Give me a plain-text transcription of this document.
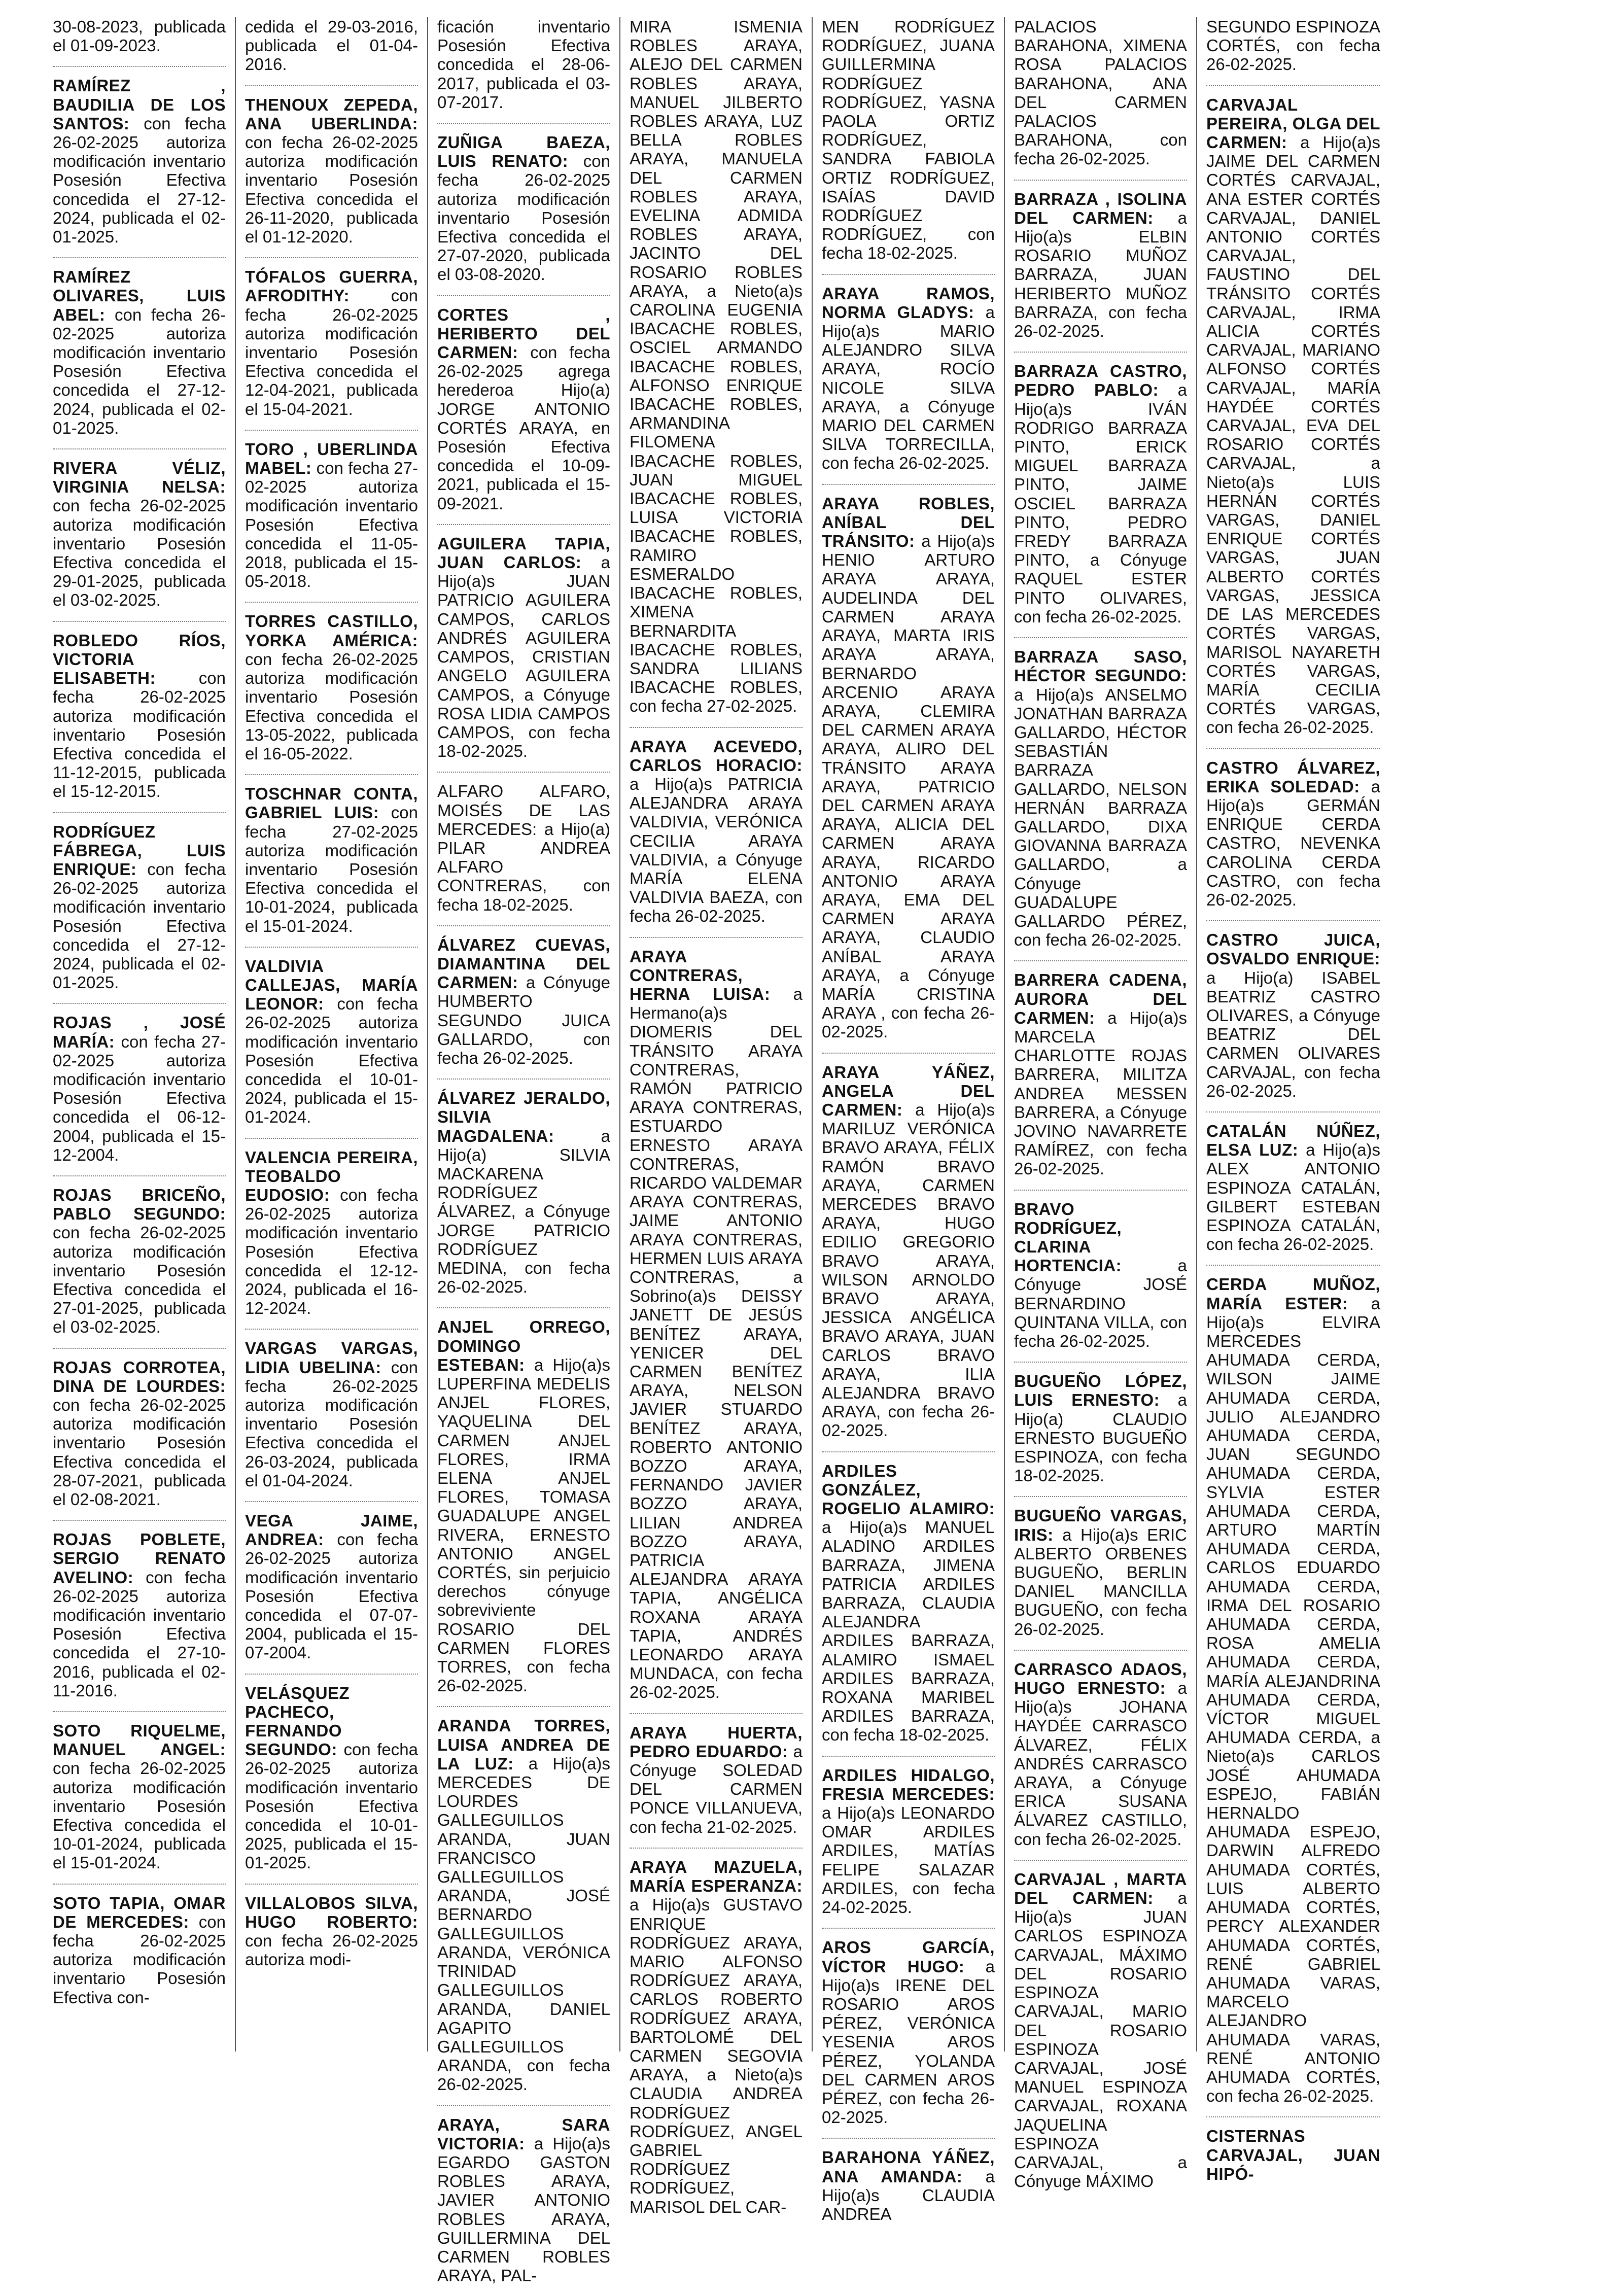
30-08-2023, publicada el 01-09-2023.
RAMÍREZ , BAUDILIA DE LOS SANTOS: con fecha 26-02-2025 autoriza modificación inventario Posesión Efectiva concedida el 27-12-2024, publicada el 02-01-2025.
RAMÍREZ OLIVARES, LUIS ABEL: con fecha 26-02-2025 autoriza modificación inventario Posesión Efectiva concedida el 27-12-2024, publicada el 02-01-2025.
RIVERA VÉLIZ, VIRGINIA NELSA: con fecha 26-02-2025 autoriza modificación inventario Posesión Efectiva concedida el 29-01-2025, publicada el 03-02-2025.
ROBLEDO RÍOS, VICTORIA ELISABETH: con fecha 26-02-2025 autoriza modificación inventario Posesión Efectiva concedida el 11-12-2015, publicada el 15-12-2015.
RODRÍGUEZ FÁBREGA, LUIS ENRIQUE: con fecha 26-02-2025 autoriza modificación inventario Posesión Efectiva concedida el 27-12-2024, publicada el 02-01-2025.
ROJAS , JOSÉ MARÍA: con fecha 27-02-2025 autoriza modificación inventario Posesión Efectiva concedida el 06-12-2004, publicada el 15-12-2004.
ROJAS BRICEÑO, PABLO SEGUNDO: con fecha 26-02-2025 autoriza modificación inventario Posesión Efectiva concedida el 27-01-2025, publicada el 03-02-2025.
ROJAS CORROTEA, DINA DE LOURDES: con fecha 26-02-2025 autoriza modificación inventario Posesión Efectiva concedida el 28-07-2021, publicada el 02-08-2021.
ROJAS POBLETE, SERGIO RENATO AVELINO: con fecha 26-02-2025 autoriza modificación inventario Posesión Efectiva concedida el 27-10-2016, publicada el 02-11-2016.
SOTO RIQUELME, MANUEL ANGEL: con fecha 26-02-2025 autoriza modificación inventario Posesión Efectiva concedida el 10-01-2024, publicada el 15-01-2024.
SOTO TAPIA, OMAR DE MERCEDES: con fecha 26-02-2025 autoriza modificación inventario Posesión Efectiva con-
cedida el 29-03-2016, publicada el 01-04-2016.
THENOUX ZEPEDA, ANA UBERLINDA: con fecha 26-02-2025 autoriza modificación inventario Posesión Efectiva concedida el 26-11-2020, publicada el 01-12-2020.
TÓFALOS GUERRA, AFRODITHY: con fecha 26-02-2025 autoriza modificación inventario Posesión Efectiva concedida el 12-04-2021, publicada el 15-04-2021.
TORO , UBERLINDA MABEL: con fecha 27-02-2025 autoriza modificación inventario Posesión Efectiva concedida el 11-05-2018, publicada el 15-05-2018.
TORRES CASTILLO, YORKA AMÉRICA: con fecha 26-02-2025 autoriza modificación inventario Posesión Efectiva concedida el 13-05-2022, publicada el 16-05-2022.
TOSCHNAR CONTA, GABRIEL LUIS: con fecha 27-02-2025 autoriza modificación inventario Posesión Efectiva concedida el 10-01-2024, publicada el 15-01-2024.
VALDIVIA CALLEJAS, MARÍA LEONOR: con fecha 26-02-2025 autoriza modificación inventario Posesión Efectiva concedida el 10-01-2024, publicada el 15-01-2024.
VALENCIA PEREIRA, TEOBALDO EUDOSIO: con fecha 26-02-2025 autoriza modificación inventario Posesión Efectiva concedida el 12-12-2024, publicada el 16-12-2024.
VARGAS VARGAS, LIDIA UBELINA: con fecha 26-02-2025 autoriza modificación inventario Posesión Efectiva concedida el 26-03-2024, publicada el 01-04-2024.
VEGA JAIME, ANDREA: con fecha 26-02-2025 autoriza modificación inventario Posesión Efectiva concedida el 07-07-2004, publicada el 15-07-2004.
VELÁSQUEZ PACHECO, FERNANDO SEGUNDO: con fecha 26-02-2025 autoriza modificación inventario Posesión Efectiva concedida el 10-01-2025, publicada el 15-01-2025.
VILLALOBOS SILVA, HUGO ROBERTO: con fecha 26-02-2025 autoriza modi-
ficación inventario Posesión Efectiva concedida el 28-06-2017, publicada el 03-07-2017.
ZUÑIGA BAEZA, LUIS RENATO: con fecha 26-02-2025 autoriza modificación inventario Posesión Efectiva concedida el 27-07-2020, publicada el 03-08-2020.
CORTES , HERIBERTO DEL CARMEN: con fecha 26-02-2025 agrega herederoa Hijo(a) JORGE ANTONIO CORTÉS ARAYA, en Posesión Efectiva concedida el 10-09-2021, publicada el 15-09-2021.
AGUILERA TAPIA, JUAN CARLOS: a Hijo(a)s JUAN PATRICIO AGUILERA CAMPOS, CARLOS ANDRÉS AGUILERA CAMPOS, CRISTIAN ANGELO AGUILERA CAMPOS, a Cónyuge ROSA LIDIA CAMPOS CAMPOS, con fecha 18-02-2025.
ALFARO ALFARO, MOISÉS DE LAS MERCEDES: a Hijo(a) PILAR ANDREA ALFARO CONTRERAS, con fecha 18-02-2025.
ÁLVAREZ CUEVAS, DIAMANTINA DEL CARMEN: a Cónyuge HUMBERTO SEGUNDO JUICA GALLARDO, con fecha 26-02-2025.
ÁLVAREZ JERALDO, SILVIA MAGDALENA: a Hijo(a) SILVIA MACKARENA RODRÍGUEZ ÁLVAREZ, a Cónyuge JORGE PATRICIO RODRÍGUEZ MEDINA, con fecha 26-02-2025.
ANJEL ORREGO, DOMINGO ESTEBAN: a Hijo(a)s LUPERFINA MEDELIS ANJEL FLORES, YAQUELINA DEL CARMEN ANJEL FLORES, IRMA ELENA ANJEL FLORES, TOMASA GUADALUPE ANGEL RIVERA, ERNESTO ANTONIO ANGEL CORTÉS, sin perjuicio derechos cónyuge sobreviviente ROSARIO DEL CARMEN FLORES TORRES, con fecha 26-02-2025.
ARANDA TORRES, LUISA ANDREA DE LA LUZ: a Hijo(a)s MERCEDES DE LOURDES GALLEGUILLOS ARANDA, JUAN FRANCISCO GALLEGUILLOS ARANDA, JOSÉ BERNARDO GALLEGUILLOS ARANDA, VERÓNICA TRINIDAD GALLEGUILLOS ARANDA, DANIEL AGAPITO GALLEGUILLOS ARANDA, con fecha 26-02-2025.
ARAYA, SARA VICTORIA: a Hijo(a)s EGARDO GASTON ROBLES ARAYA, JAVIER ANTONIO ROBLES ARAYA, GUILLERMINA DEL CARMEN ROBLES ARAYA, PAL-
MIRA ISMENIA ROBLES ARAYA, ALEJO DEL CARMEN ROBLES ARAYA, MANUEL JILBERTO ROBLES ARAYA, LUZ BELLA ROBLES ARAYA, MANUELA DEL CARMEN ROBLES ARAYA, EVELINA ADMIDA ROBLES ARAYA, JACINTO DEL ROSARIO ROBLES ARAYA, a Nieto(a)s CAROLINA EUGENIA IBACACHE ROBLES, OSCIEL ARMANDO IBACACHE ROBLES, ALFONSO ENRIQUE IBACACHE ROBLES, ARMANDINA FILOMENA IBACACHE ROBLES, JUAN MIGUEL IBACACHE ROBLES, LUISA VICTORIA IBACACHE ROBLES, RAMIRO ESMERALDO IBACACHE ROBLES, XIMENA BERNARDITA IBACACHE ROBLES, SANDRA LILIANS IBACACHE ROBLES, con fecha 27-02-2025.
ARAYA ACEVEDO, CARLOS HORACIO: a Hijo(a)s PATRICIA ALEJANDRA ARAYA VALDIVIA, VERÓNICA CECILIA ARAYA VALDIVIA, a Cónyuge MARÍA ELENA VALDIVIA BAEZA, con fecha 26-02-2025.
ARAYA CONTRERAS, HERNA LUISA: a Hermano(a)s DIOMERIS DEL TRÁNSITO ARAYA CONTRERAS, RAMÓN PATRICIO ARAYA CONTRERAS, ESTUARDO ERNESTO ARAYA CONTRERAS, RICARDO VALDEMAR ARAYA CONTRERAS, JAIME ANTONIO ARAYA CONTRERAS, HERMEN LUIS ARAYA CONTRERAS, a Sobrino(a)s DEISSY JANETT DE JESÚS BENÍTEZ ARAYA, YENICER DEL CARMEN BENÍTEZ ARAYA, NELSON JAVIER STUARDO BENÍTEZ ARAYA, ROBERTO ANTONIO BOZZO ARAYA, FERNANDO JAVIER BOZZO ARAYA, LILIAN ANDREA BOZZO ARAYA, PATRICIA ALEJANDRA ARAYA TAPIA, ANGÉLICA ROXANA ARAYA TAPIA, ANDRÉS LEONARDO ARAYA MUNDACA, con fecha 26-02-2025.
ARAYA HUERTA, PEDRO EDUARDO: a Cónyuge SOLEDAD DEL CARMEN PONCE VILLANUEVA, con fecha 21-02-2025.
ARAYA MAZUELA, MARÍA ESPERANZA: a Hijo(a)s GUSTAVO ENRIQUE RODRÍGUEZ ARAYA, MARIO ALFONSO RODRÍGUEZ ARAYA, CARLOS ROBERTO RODRÍGUEZ ARAYA, BARTOLOMÉ DEL CARMEN SEGOVIA ARAYA, a Nieto(a)s CLAUDIA ANDREA RODRÍGUEZ RODRÍGUEZ, ANGEL GABRIEL RODRÍGUEZ RODRÍGUEZ, MARISOL DEL CAR-
MEN RODRÍGUEZ RODRÍGUEZ, JUANA GUILLERMINA RODRÍGUEZ RODRÍGUEZ, YASNA PAOLA ORTIZ RODRÍGUEZ, SANDRA FABIOLA ORTIZ RODRÍGUEZ, ISAÍAS DAVID RODRÍGUEZ RODRÍGUEZ, con fecha 18-02-2025.
ARAYA RAMOS, NORMA GLADYS: a Hijo(a)s MARIO ALEJANDRO SILVA ARAYA, ROCÍO NICOLE SILVA ARAYA, a Cónyuge MARIO DEL CARMEN SILVA TORRECILLA, con fecha 26-02-2025.
ARAYA ROBLES, ANÍBAL DEL TRÁNSITO: a Hijo(a)s HENIO ARTURO ARAYA ARAYA, AUDELINDA DEL CARMEN ARAYA ARAYA, MARTA IRIS ARAYA ARAYA, BERNARDO ARCENIO ARAYA ARAYA, CLEMIRA DEL CARMEN ARAYA ARAYA, ALIRO DEL TRÁNSITO ARAYA ARAYA, PATRICIO DEL CARMEN ARAYA ARAYA, ALICIA DEL CARMEN ARAYA ARAYA, RICARDO ANTONIO ARAYA ARAYA, EMA DEL CARMEN ARAYA ARAYA, CLAUDIO ANÍBAL ARAYA ARAYA, a Cónyuge MARÍA CRISTINA ARAYA , con fecha 26-02-2025.
ARAYA YÁÑEZ, ANGELA DEL CARMEN: a Hijo(a)s MARILUZ VERÓNICA BRAVO ARAYA, FÉLIX RAMÓN BRAVO ARAYA, CARMEN MERCEDES BRAVO ARAYA, HUGO EDILIO GREGORIO BRAVO ARAYA, WILSON ARNOLDO BRAVO ARAYA, JESSICA ANGÉLICA BRAVO ARAYA, JUAN CARLOS BRAVO ARAYA, ILIA ALEJANDRA BRAVO ARAYA, con fecha 26-02-2025.
ARDILES GONZÁLEZ, ROGELIO ALAMIRO: a Hijo(a)s MANUEL ALADINO ARDILES BARRAZA, JIMENA PATRICIA ARDILES BARRAZA, CLAUDIA ALEJANDRA ARDILES BARRAZA, ALAMIRO ISMAEL ARDILES BARRAZA, ROXANA MARIBEL ARDILES BARRAZA, con fecha 18-02-2025.
ARDILES HIDALGO, FRESIA MERCEDES: a Hijo(a)s LEONARDO OMAR ARDILES ARDILES, MATÍAS FELIPE SALAZAR ARDILES, con fecha 24-02-2025.
AROS GARCÍA, VÍCTOR HUGO: a Hijo(a)s IRENE DEL ROSARIO AROS PÉREZ, VERÓNICA YESENIA AROS PÉREZ, YOLANDA DEL CARMEN AROS PÉREZ, con fecha 26-02-2025.
BARAHONA YÁÑEZ, ANA AMANDA: a Hijo(a)s CLAUDIA ANDREA
PALACIOS BARAHONA, XIMENA ROSA PALACIOS BARAHONA, ANA DEL CARMEN PALACIOS BARAHONA, con fecha 26-02-2025.
BARRAZA , ISOLINA DEL CARMEN: a Hijo(a)s ELBIN ROSARIO MUÑOZ BARRAZA, JUAN HERIBERTO MUÑOZ BARRAZA, con fecha 26-02-2025.
BARRAZA CASTRO, PEDRO PABLO: a Hijo(a)s IVÁN RODRIGO BARRAZA PINTO, ERICK MIGUEL BARRAZA PINTO, JAIME OSCIEL BARRAZA PINTO, PEDRO FREDY BARRAZA PINTO, a Cónyuge RAQUEL ESTER PINTO OLIVARES, con fecha 26-02-2025.
BARRAZA SASO, HÉCTOR SEGUNDO: a Hijo(a)s ANSELMO JONATHAN BARRAZA GALLARDO, HÉCTOR SEBASTIÁN BARRAZA GALLARDO, NELSON HERNÁN BARRAZA GALLARDO, DIXA GIOVANNA BARRAZA GALLARDO, a Cónyuge GUADALUPE GALLARDO PÉREZ, con fecha 26-02-2025.
BARRERA CADENA, AURORA DEL CARMEN: a Hijo(a)s MARCELA CHARLOTTE ROJAS BARRERA, MILITZA ANDREA MESSEN BARRERA, a Cónyuge JOVINO NAVARRETE RAMÍREZ, con fecha 26-02-2025.
BRAVO RODRÍGUEZ, CLARINA HORTENCIA: a Cónyuge JOSÉ BERNARDINO QUINTANA VILLA, con fecha 26-02-2025.
BUGUEÑO LÓPEZ, LUIS ERNESTO: a Hijo(a) CLAUDIO ERNESTO BUGUEÑO ESPINOZA, con fecha 18-02-2025.
BUGUEÑO VARGAS, IRIS: a Hijo(a)s ERIC ALBERTO ORBENES BUGUEÑO, BERLIN DANIEL MANCILLA BUGUEÑO, con fecha 26-02-2025.
CARRASCO ADAOS, HUGO ERNESTO: a Hijo(a)s JOHANA HAYDÉE CARRASCO ÁLVAREZ, FÉLIX ANDRÉS CARRASCO ARAYA, a Cónyuge ERICA SUSANA ÁLVAREZ CASTILLO, con fecha 26-02-2025.
CARVAJAL , MARTA DEL CARMEN: a Hijo(a)s JUAN CARLOS ESPINOZA CARVAJAL, MÁXIMO DEL ROSARIO ESPINOZA CARVAJAL, MARIO DEL ROSARIO ESPINOZA CARVAJAL, JOSÉ MANUEL ESPINOZA CARVAJAL, ROXANA JAQUELINA ESPINOZA CARVAJAL, a Cónyuge MÁXIMO
SEGUNDO ESPINOZA CORTÉS, con fecha 26-02-2025.
CARVAJAL PEREIRA, OLGA DEL CARMEN: a Hijo(a)s JAIME DEL CARMEN CORTÉS CARVAJAL, ANA ESTER CORTÉS CARVAJAL, DANIEL ANTONIO CORTÉS CARVAJAL, FAUSTINO DEL TRÁNSITO CORTÉS CARVAJAL, IRMA ALICIA CORTÉS CARVAJAL, MARIANO ALFONSO CORTÉS CARVAJAL, MARÍA HAYDÉE CORTÉS CARVAJAL, EVA DEL ROSARIO CORTÉS CARVAJAL, a Nieto(a)s LUIS HERNÁN CORTÉS VARGAS, DANIEL ENRIQUE CORTÉS VARGAS, JUAN ALBERTO CORTÉS VARGAS, JESSICA DE LAS MERCEDES CORTÉS VARGAS, MARISOL NAYARETH CORTÉS VARGAS, MARÍA CECILIA CORTÉS VARGAS, con fecha 26-02-2025.
CASTRO ÁLVAREZ, ERIKA SOLEDAD: a Hijo(a)s GERMÁN ENRIQUE CERDA CASTRO, NEVENKA CAROLINA CERDA CASTRO, con fecha 26-02-2025.
CASTRO JUICA, OSVALDO ENRIQUE: a Hijo(a) ISABEL BEATRIZ CASTRO OLIVARES, a Cónyuge BEATRIZ DEL CARMEN OLIVARES CARVAJAL, con fecha 26-02-2025.
CATALÁN NÚÑEZ, ELSA LUZ: a Hijo(a)s ALEX ANTONIO ESPINOZA CATALÁN, GILBERT ESTEBAN ESPINOZA CATALÁN, con fecha 26-02-2025.
CERDA MUÑOZ, MARÍA ESTER: a Hijo(a)s ELVIRA MERCEDES AHUMADA CERDA, WILSON JAIME AHUMADA CERDA, JULIO ALEJANDRO AHUMADA CERDA, JUAN SEGUNDO AHUMADA CERDA, SYLVIA ESTER AHUMADA CERDA, ARTURO MARTÍN AHUMADA CERDA, CARLOS EDUARDO AHUMADA CERDA, IRMA DEL ROSARIO AHUMADA CERDA, ROSA AMELIA AHUMADA CERDA, MARÍA ALEJANDRINA AHUMADA CERDA, VÍCTOR MIGUEL AHUMADA CERDA, a Nieto(a)s CARLOS JOSÉ AHUMADA ESPEJO, FABIÁN HERNALDO AHUMADA ESPEJO, DARWIN ALFREDO AHUMADA CORTÉS, LUIS ALBERTO AHUMADA CORTÉS, PERCY ALEXANDER AHUMADA CORTÉS, RENÉ GABRIEL AHUMADA VARAS, MARCELO ALEJANDRO AHUMADA VARAS, RENÉ ANTONIO AHUMADA CORTÉS, con fecha 26-02-2025.
CISTERNAS CARVAJAL, JUAN HIPÓ-
